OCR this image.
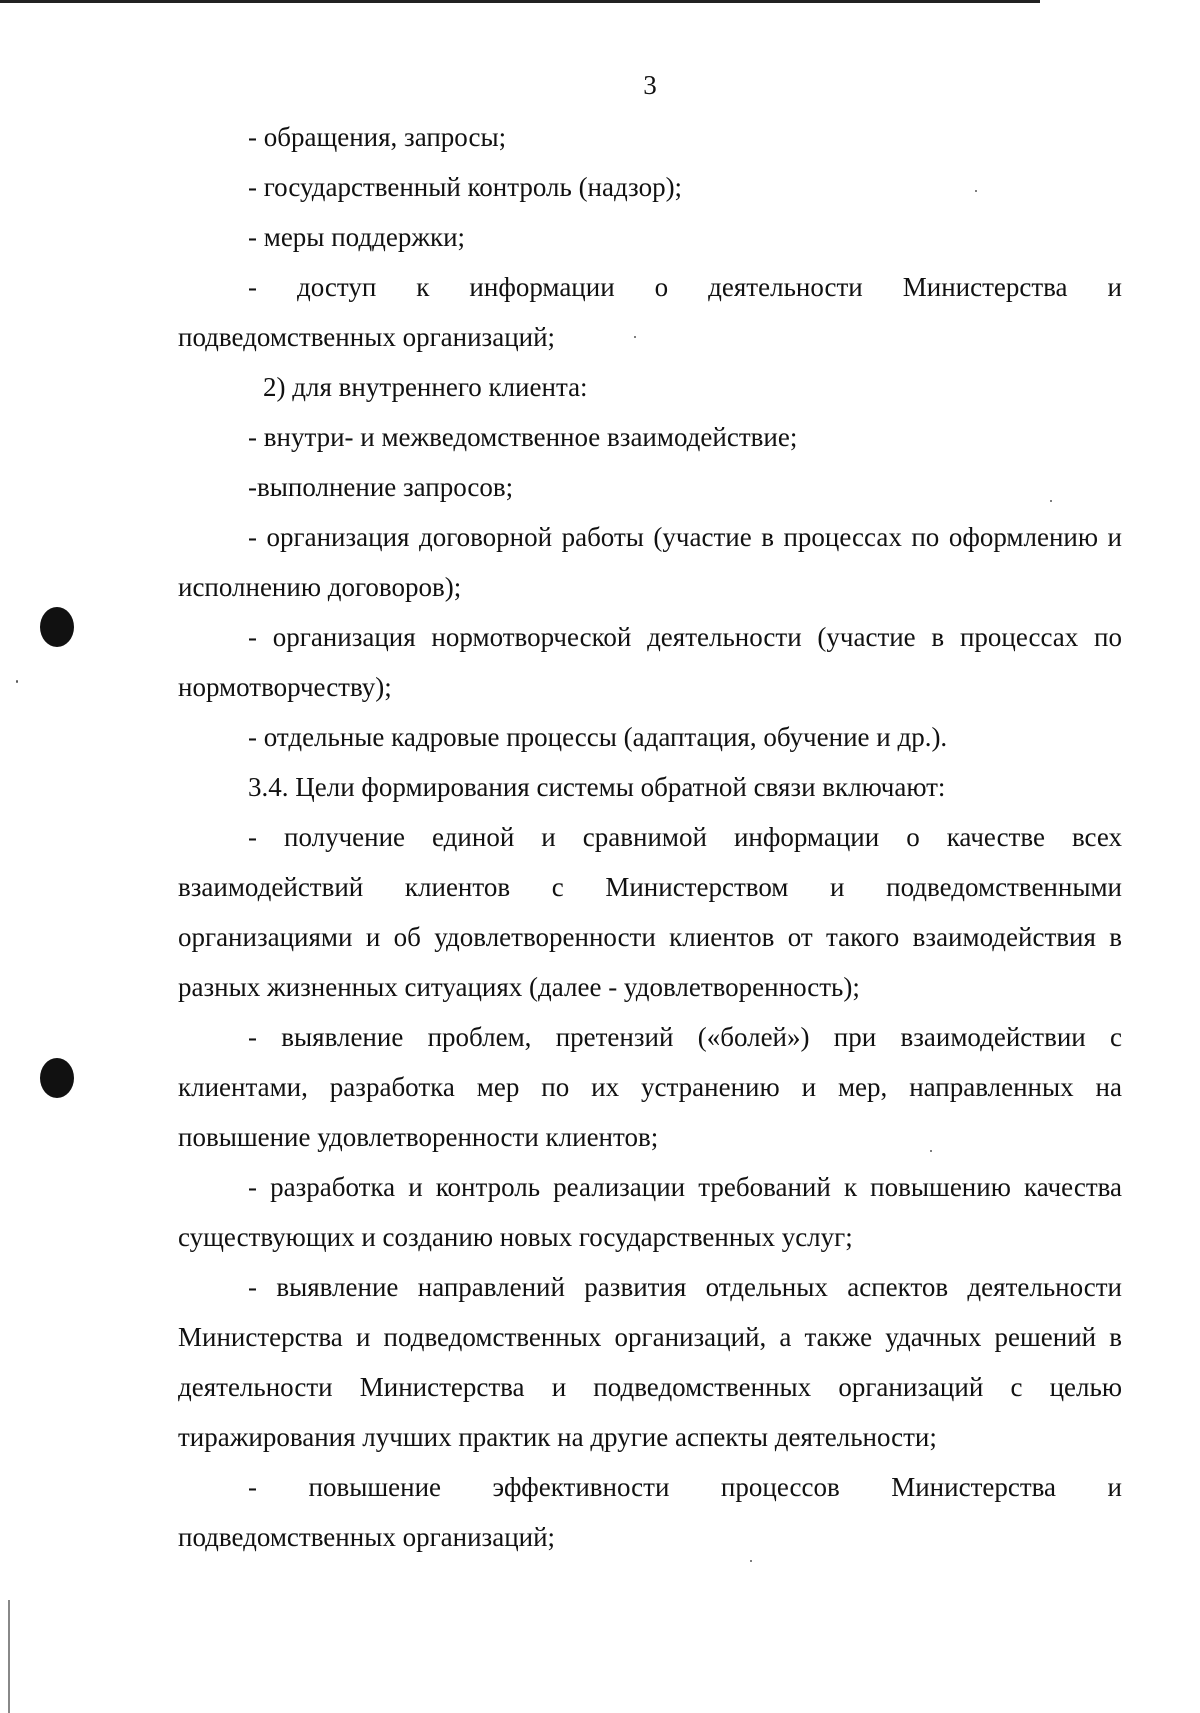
3

- обращения, запросы;

- государственный контроль (надзор);

- меры поддержки;

- доступ к информации о деятельности Министерства и
подведомственных организаций;

2) для внутреннего клиента:

- внутри- и межведомственное взаимодействие;

-выполнение запросов;

- организация договорной работы (участие в процессах по оформлению и исполнению договоров);

- организация нормотворческой деятельности (участие в процессах по нормотворчеству);

- отдельные кадровые процессы (адаптация, обучение и др.).

3.4. Цели формирования системы обратной связи включают:

- получение единой и сравнимой информации о качестве всех взаимодействий клиентов с Министерством и подведомственными организациями и об удовлетворенности клиентов от такого взаимодействия в разных жизненных ситуациях (далее - удовлетворенность);

- выявление проблем, претензий («болей») при взаимодействии с клиентами, разработка мер по их устранению и мер, направленных на повышение удовлетворенности клиентов;

- разработка и контроль реализации требований к повышению качества существующих и созданию новых государственных услуг;

- выявление направлений развития отдельных аспектов деятельности Министерства и подведомственных организаций, а также удачных решений в деятельности Министерства и подведомственных организаций с целью тиражирования лучших практик на другие аспекты деятельности;

- повышение эффективности процессов Министерства и
подведомственных организаций;
